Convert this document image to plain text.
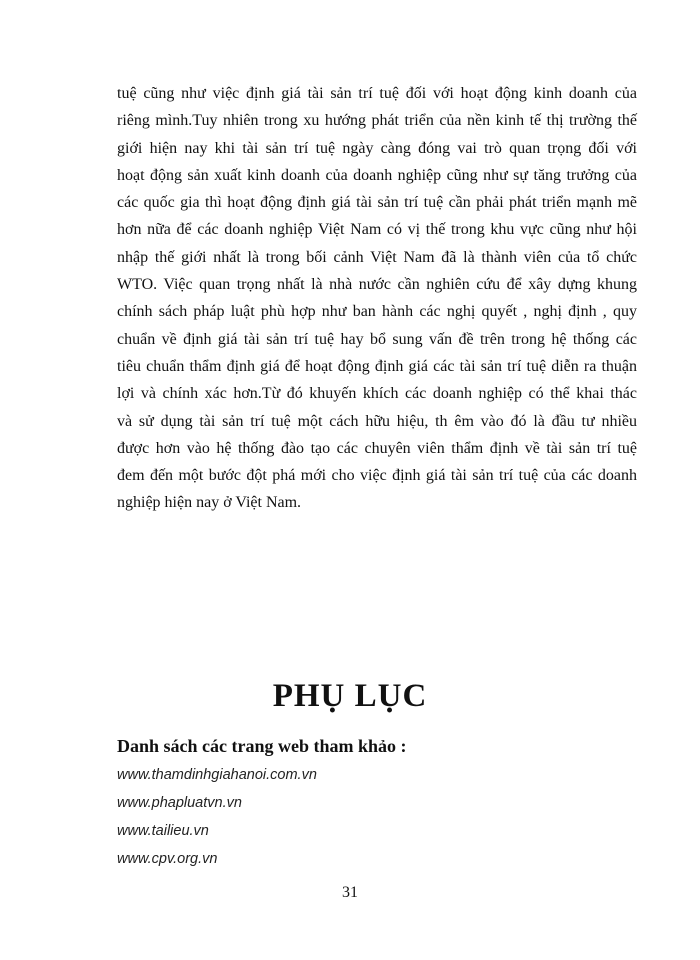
tuệ cũng như việc định giá tài sản trí tuệ đối với hoạt động kinh doanh của
riêng mình.Tuy nhiên trong xu hướng phát triển của nền kinh tế thị trường thế
giới hiện nay khi tài sản trí tuệ ngày càng đóng vai trò quan trọng đối với
hoạt động sản xuất kinh doanh của doanh nghiệp cũng như sự tăng trưởng của
các quốc gia thì hoạt động định giá tài sản trí tuệ cần phải phát triển mạnh mẽ
hơn nữa để các doanh nghiệp Việt Nam có vị thế trong khu vực cũng như hội
nhập thế giới nhất là trong bối cảnh Việt Nam đã là thành viên của tổ chức
WTO. Việc quan trọng nhất là nhà nước cần nghiên cứu để xây dựng khung
chính sách pháp luật phù hợp như ban hành các nghị quyết , nghị định , quy
chuẩn về định giá tài sản trí tuệ hay bổ sung vấn đề trên trong hệ thống các
tiêu chuẩn thẩm định giá để hoạt động định giá các tài sản trí tuệ diễn ra thuận
lợi và chính xác hơn.Từ đó khuyến khích các doanh nghiệp có thể khai thác
và sử dụng tài sản trí tuệ một cách hữu hiệu, th êm vào đó là đầu tư nhiều
được hơn vào hệ thống đào tạo các chuyên viên thẩm định về tài sản trí tuệ
đem đến một bước đột phá mới cho việc định giá tài sản trí tuệ của các doanh
nghiệp hiện nay ở Việt Nam.
PHỤ LỤC
Danh sách các trang web tham khảo :
www.thamdinhgiahanoi.com.vn
www.phapluatvn.vn
www.tailieu.vn
www.cpv.org.vn
31
